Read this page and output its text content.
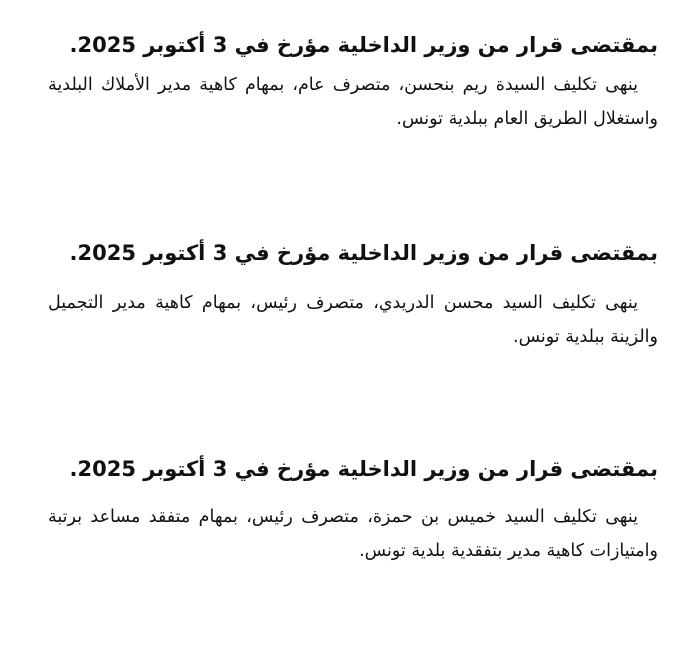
بمقتضى قرار من وزير الداخلية مؤرخ في 3 أكتوبر 2025.

ينهى تكليف السيدة ريم بنحسن، متصرف عام، بمهام كاهية مدير الأملاك البلدية واستغلال الطريق العام ببلدية تونس.

بمقتضى قرار من وزير الداخلية مؤرخ في 3 أكتوبر 2025.

ينهى تكليف السيد محسن الدريدي، متصرف رئيس، بمهام كاهية مدير التجميل والزينة ببلدية تونس.

بمقتضى قرار من وزير الداخلية مؤرخ في 3 أكتوبر 2025.

ينهى تكليف السيد خميس بن حمزة، متصرف رئيس، بمهام متفقد مساعد برتبة وامتيازات كاهية مدير بتفقدية بلدية تونس.
